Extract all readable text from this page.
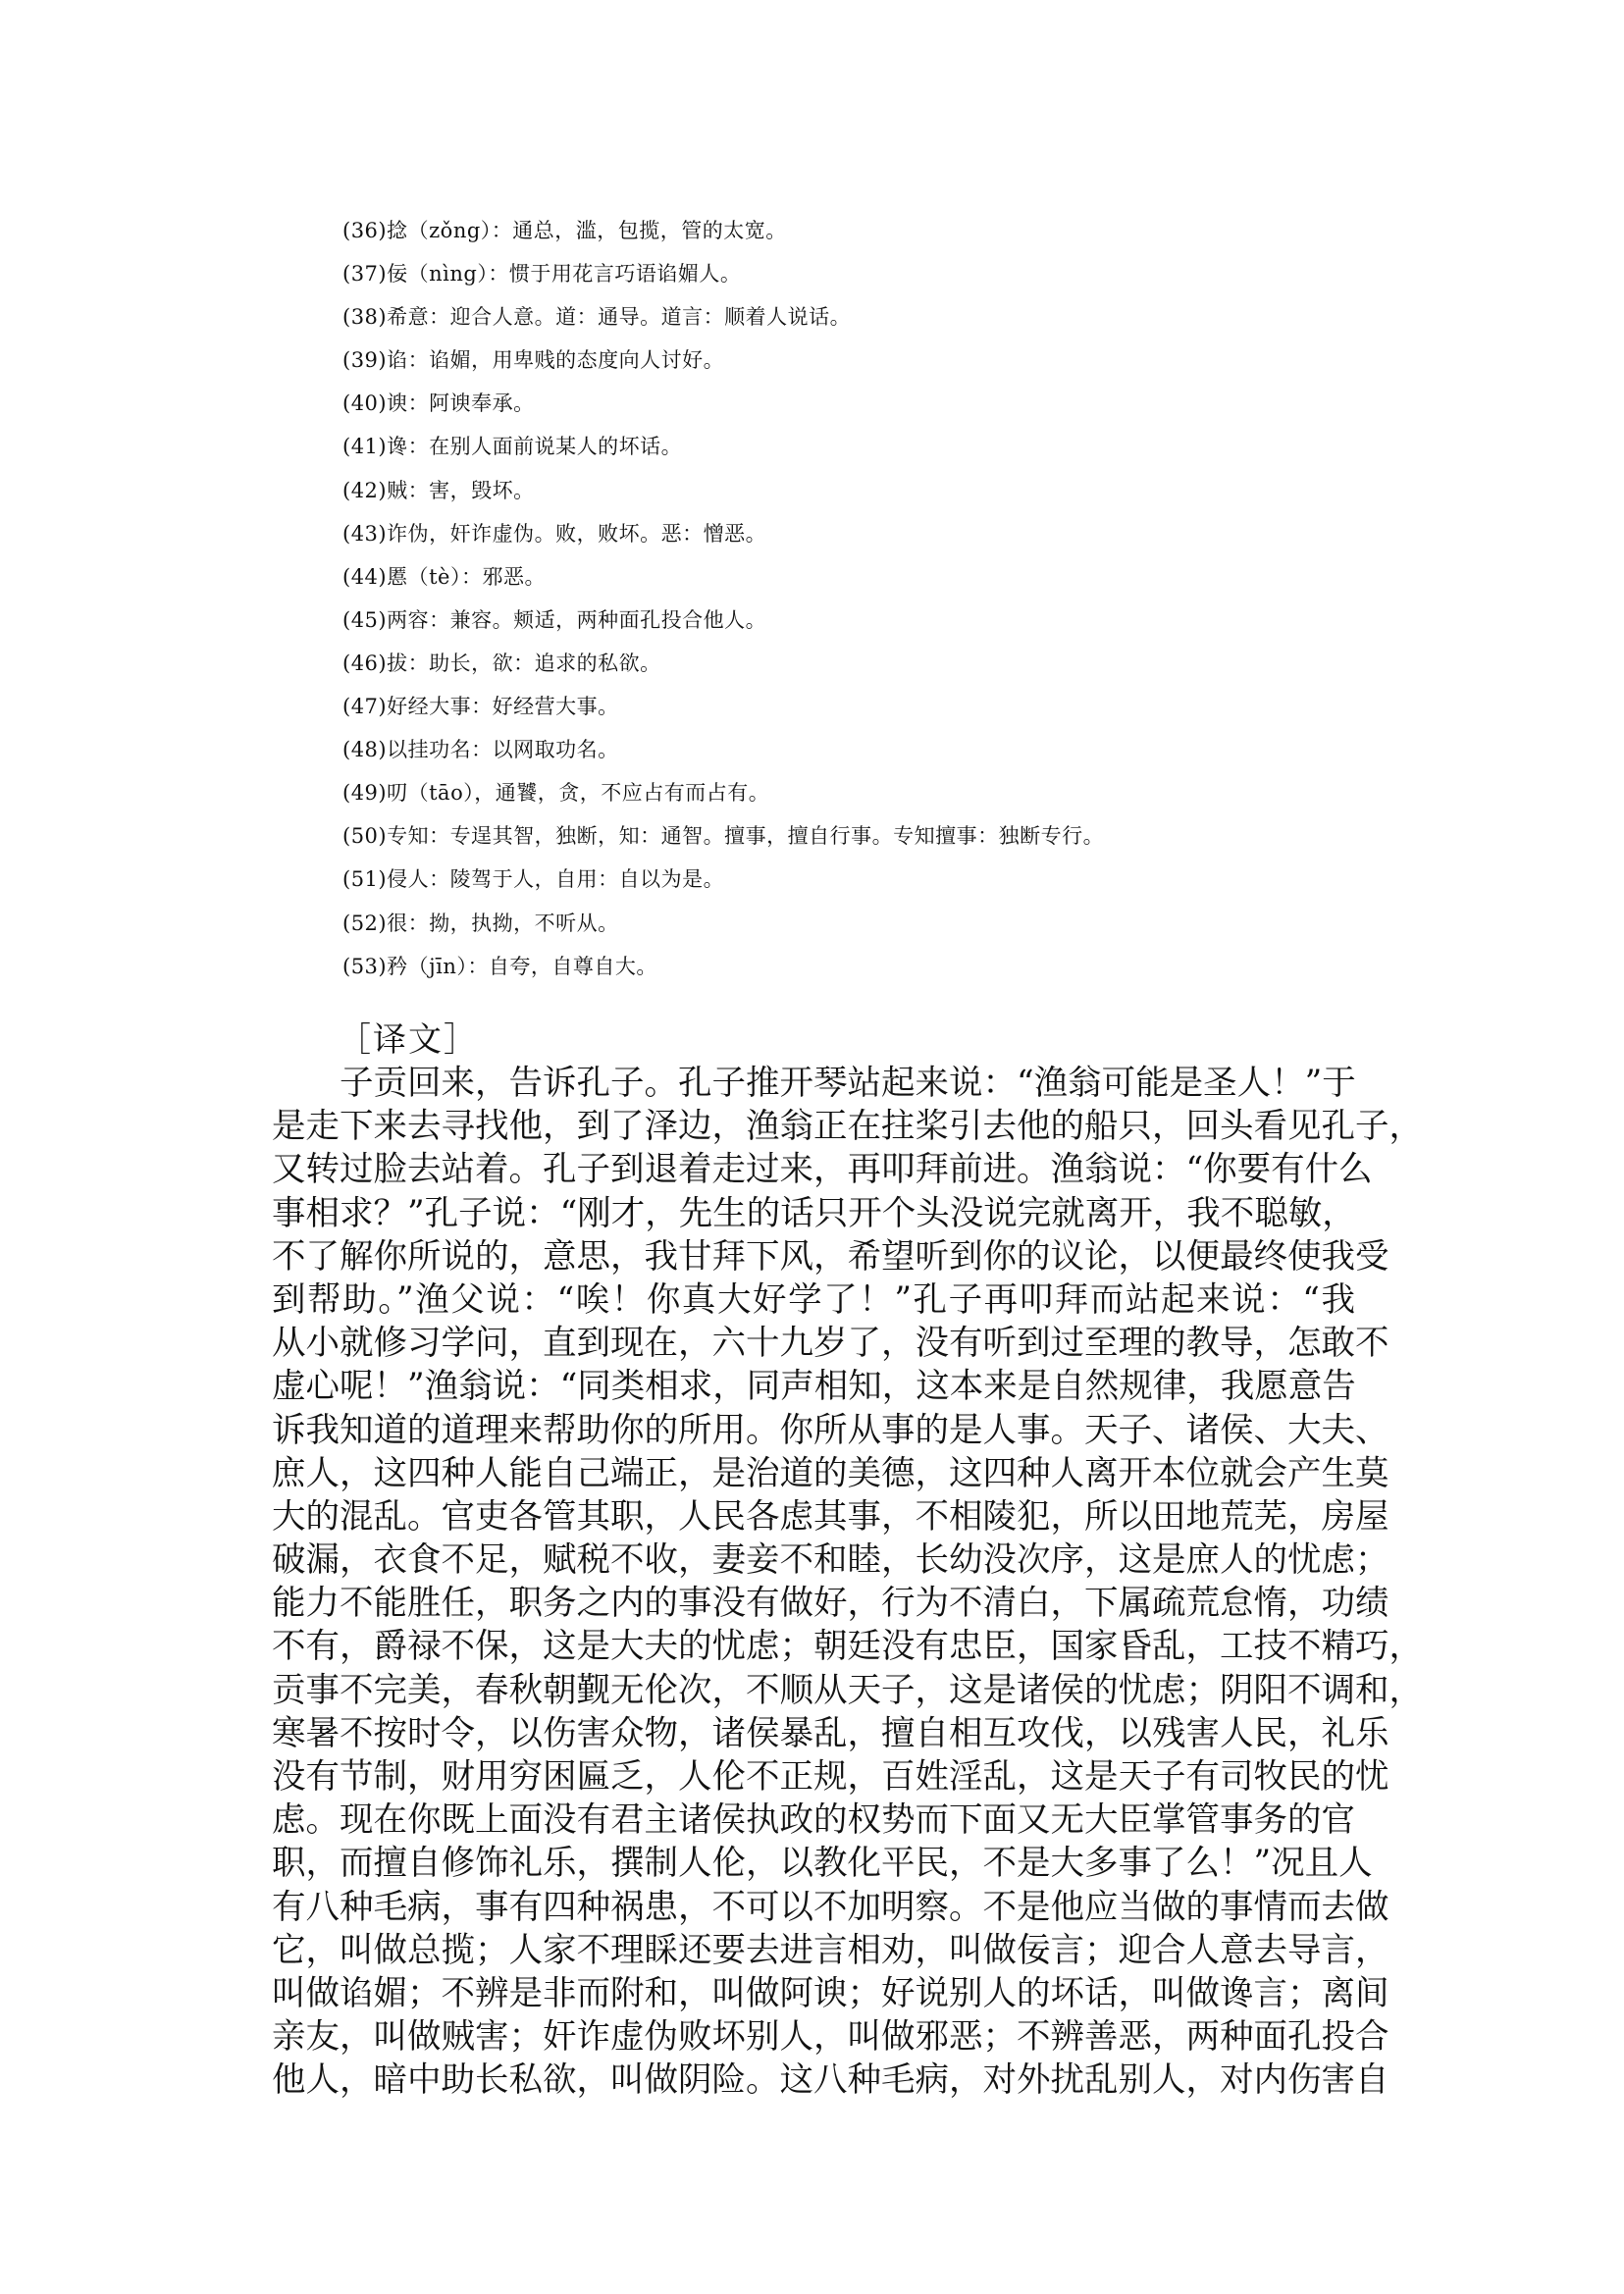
(36)捻（zǒng）：通总，滥，包揽，管的太宽。
(37)佞（nìng）：惯于用花言巧语谄媚人。
(38)希意：迎合人意。道：通导。道言：顺着人说话。
(39)谄：谄媚，用卑贱的态度向人讨好。
(40)谀：阿谀奉承。
(41)谗：在别人面前说某人的坏话。
(42)贼：害，毁坏。
(43)诈伪，奸诈虚伪。败，败坏。恶：憎恶。
(44)慝（tè）：邪恶。
(45)两容：兼容。颊适，两种面孔投合他人。
(46)拔：助长，欲：追求的私欲。
(47)好经大事：好经营大事。
(48)以挂功名：以网取功名。
(49)叨（tāo），通饕，贪，不应占有而占有。
(50)专知：专逞其智，独断，知：通智。擅事，擅自行事。专知擅事：独断专行。
(51)侵人：陵驾于人，自用：自以为是。
(52)很：拗，执拗，不听从。
(53)矜（jīn）：自夸，自尊自大。
［译文］
　　子贡回来，告诉孔子。孔子推开琴站起来说：“渔翁可能是圣人！”于
是走下来去寻找他，到了泽边，渔翁正在拄桨引去他的船只，回头看见孔子，
又转过脸去站着。孔子到退着走过来，再叩拜前进。渔翁说：“你要有什么
事相求？”孔子说：“刚才，先生的话只开个头没说完就离开，我不聪敏，
不了解你所说的，意思，我甘拜下风，希望听到你的议论，以便最终使我受
到帮助。”渔父说：“唉！你真大好学了！”孔子再叩拜而站起来说：“我
从小就修习学问，直到现在，六十九岁了，没有听到过至理的教导，怎敢不
虚心呢！”渔翁说：“同类相求，同声相知，这本来是自然规律，我愿意告
诉我知道的道理来帮助你的所用。你所从事的是人事。天子、诸侯、大夫、
庶人，这四种人能自己端正，是治道的美德，这四种人离开本位就会产生莫
大的混乱。官吏各管其职，人民各虑其事，不相陵犯，所以田地荒芜，房屋
破漏，衣食不足，赋税不收，妻妾不和睦，长幼没次序，这是庶人的忧虑；
能力不能胜任，职务之内的事没有做好，行为不清白，下属疏荒怠惰，功绩
不有，爵禄不保，这是大夫的忧虑；朝廷没有忠臣，国家昏乱，工技不精巧，
贡事不完美，春秋朝觐无伦次，不顺从天子，这是诸侯的忧虑；阴阳不调和，
寒暑不按时令，以伤害众物，诸侯暴乱，擅自相互攻伐，以残害人民，礼乐
没有节制，财用穷困匾乏，人伦不正规，百姓淫乱，这是天子有司牧民的忧
虑。现在你既上面没有君主诸侯执政的权势而下面又无大臣掌管事务的官
职，而擅自修饰礼乐，撰制人伦，以教化平民，不是大多事了么！”况且人
有八种毛病，事有四种祸患，不可以不加明察。不是他应当做的事情而去做
它，叫做总揽；人家不理睬还要去进言相劝，叫做佞言；迎合人意去导言，
叫做谄媚；不辨是非而附和，叫做阿谀；好说别人的坏话，叫做谗言；离间
亲友，叫做贼害；奸诈虚伪败坏别人，叫做邪恶；不辨善恶，两种面孔投合
他人，暗中助长私欲，叫做阴险。这八种毛病，对外扰乱别人，对内伤害自
